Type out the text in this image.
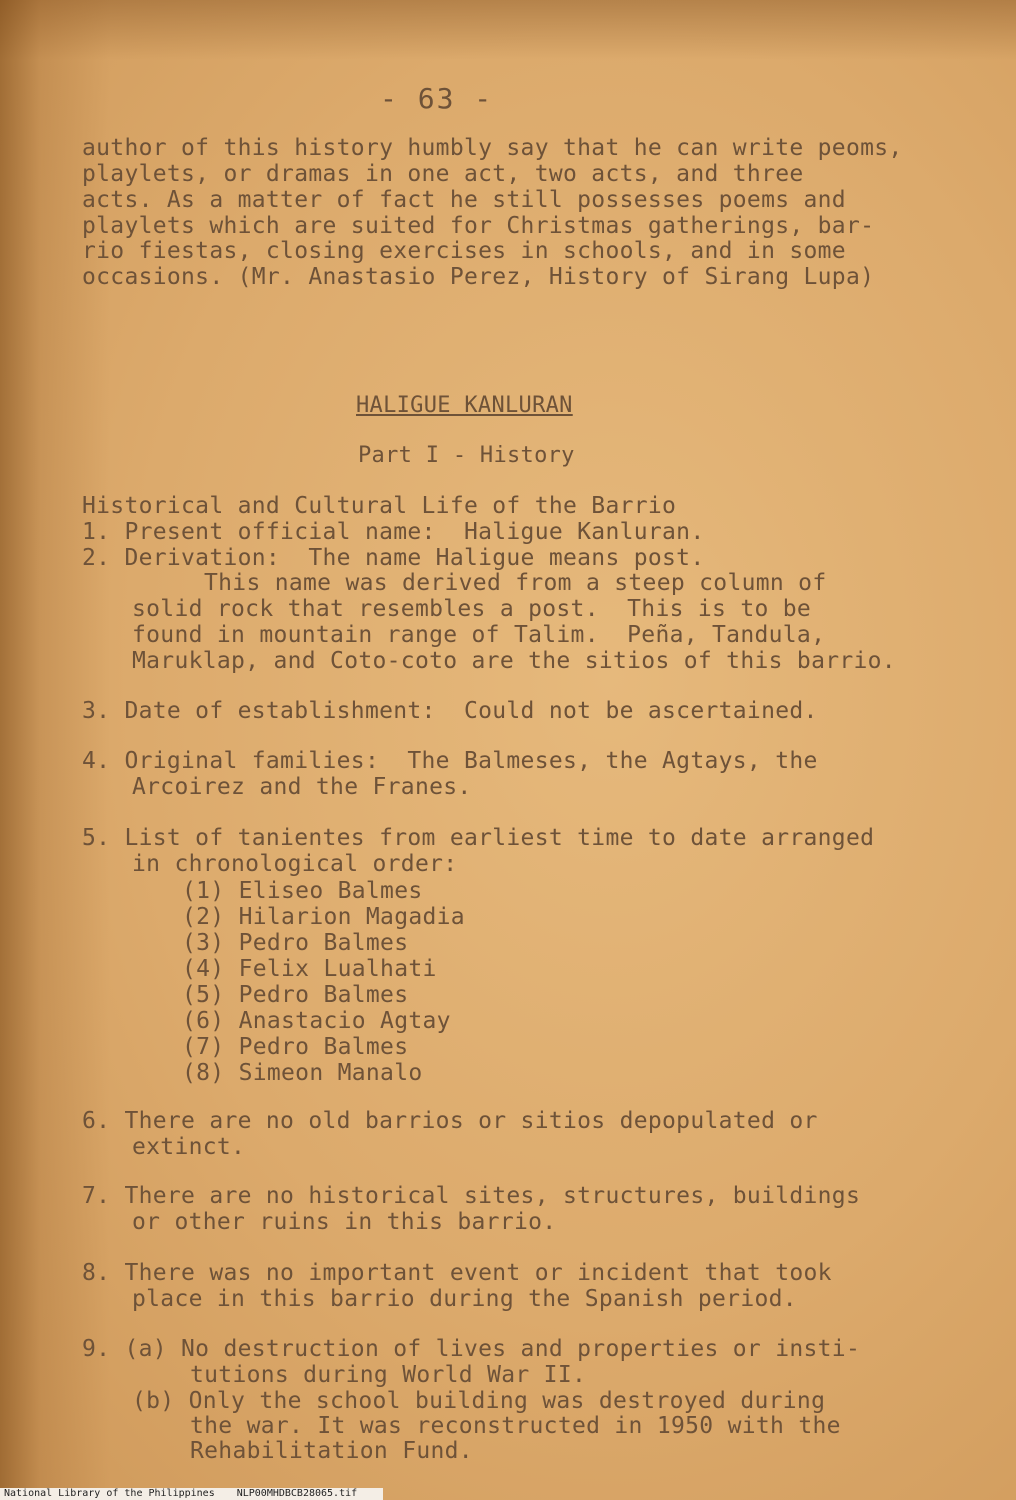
- 63 -
author of this history humbly say that he can write peoms,
playlets, or dramas in one act, two acts, and three
acts. As a matter of fact he still possesses poems and
playlets which are suited for Christmas gatherings, bar-
rio fiestas, closing exercises in schools, and in some
occasions. (Mr. Anastasio Perez, History of Sirang Lupa)
HALIGUE KANLURAN
Part I - History
Historical and Cultural Life of the Barrio
1. Present official name:  Haligue Kanluran.
2. Derivation:  The name Haligue means post.
This name was derived from a steep column of
solid rock that resembles a post.  This is to be
found in mountain range of Talim.  Peña, Tandula,
Maruklap, and Coto-coto are the sitios of this barrio.
3. Date of establishment:  Could not be ascertained.
4. Original families:  The Balmeses, the Agtays, the
Arcoirez and the Franes.
5. List of tanientes from earliest time to date arranged
in chronological order:
(1) Eliseo Balmes
(2) Hilarion Magadia
(3) Pedro Balmes
(4) Felix Lualhati
(5) Pedro Balmes
(6) Anastacio Agtay
(7) Pedro Balmes
(8) Simeon Manalo
6. There are no old barrios or sitios depopulated or
extinct.
7. There are no historical sites, structures, buildings
or other ruins in this barrio.
8. There was no important event or incident that took
place in this barrio during the Spanish period.
9. (a) No destruction of lives and properties or insti-
tutions during World War II.
(b) Only the school building was destroyed during
the war. It was reconstructed in 1950 with the
Rehabilitation Fund.
National Library of the Philippines NLP00MHDBCB28065.tif
